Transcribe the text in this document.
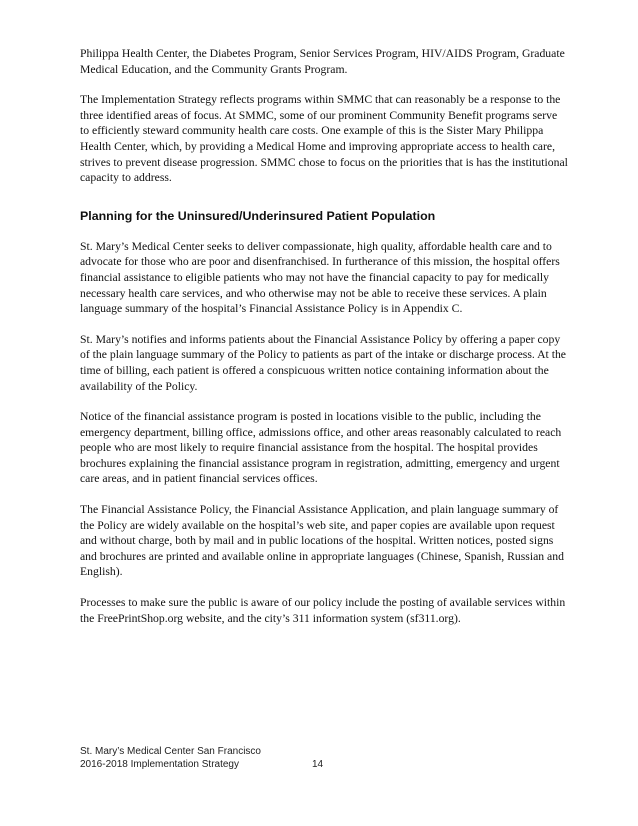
Philippa Health Center, the Diabetes Program, Senior Services Program, HIV/AIDS Program, Graduate Medical Education, and the Community Grants Program.

The Implementation Strategy reflects programs within SMMC that can reasonably be a response to the three identified areas of focus. At SMMC, some of our prominent Community Benefit programs serve to efficiently steward community health care costs. One example of this is the Sister Mary Philippa Health Center, which, by providing a Medical Home and improving appropriate access to health care, strives to prevent disease progression. SMMC chose to focus on the priorities that is has the institutional capacity to address.

Planning for the Uninsured/Underinsured Patient Population

St. Mary’s Medical Center seeks to deliver compassionate, high quality, affordable health care and to advocate for those who are poor and disenfranchised. In furtherance of this mission, the hospital offers financial assistance to eligible patients who may not have the financial capacity to pay for medically necessary health care services, and who otherwise may not be able to receive these services. A plain language summary of the hospital’s Financial Assistance Policy is in Appendix C.

St. Mary’s notifies and informs patients about the Financial Assistance Policy by offering a paper copy of the plain language summary of the Policy to patients as part of the intake or discharge process. At the time of billing, each patient is offered a conspicuous written notice containing information about the availability of the Policy.

Notice of the financial assistance program is posted in locations visible to the public, including the emergency department, billing office, admissions office, and other areas reasonably calculated to reach people who are most likely to require financial assistance from the hospital. The hospital provides brochures explaining the financial assistance program in registration, admitting, emergency and urgent care areas, and in patient financial services offices.

The Financial Assistance Policy, the Financial Assistance Application, and plain language summary of the Policy are widely available on the hospital’s web site, and paper copies are available upon request and without charge, both by mail and in public locations of the hospital. Written notices, posted signs and brochures are printed and available online in appropriate languages (Chinese, Spanish, Russian and English).

Processes to make sure the public is aware of our policy include the posting of available services within the FreePrintShop.org website, and the city’s 311 information system (sf311.org).

St. Mary’s Medical Center San Francisco
2016-2018 Implementation Strategy	14
